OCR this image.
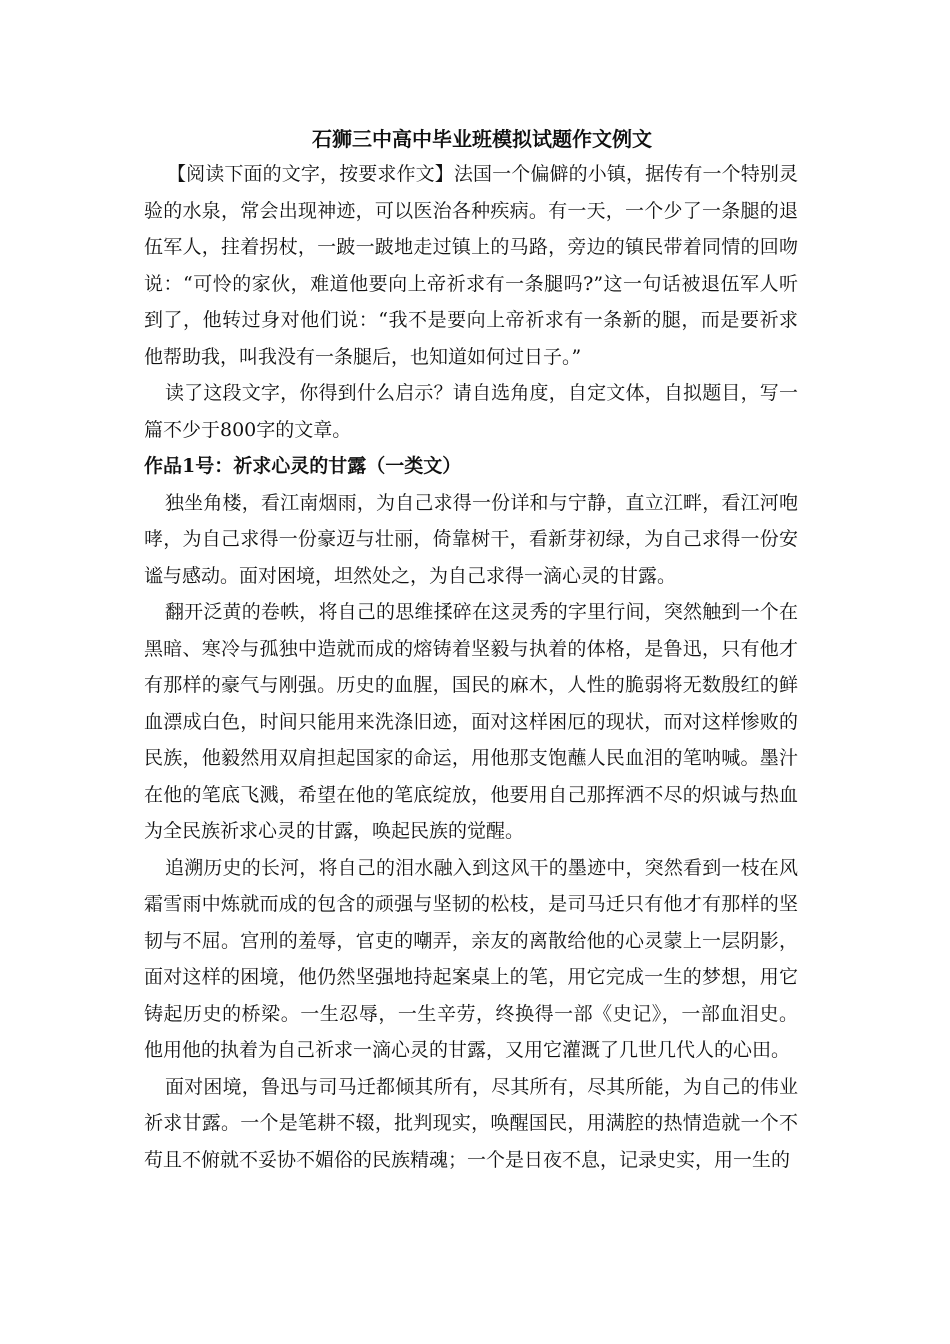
石狮三中高中毕业班模拟试题作文例文

【阅读下面的文字，按要求作文】法国一个偏僻的小镇，据传有一个特别灵验的水泉，常会出现神迹，可以医治各种疾病。有一天，一个少了一条腿的退伍军人，拄着拐杖，一跛一跛地走过镇上的马路，旁边的镇民带着同情的回吻说：“可怜的家伙，难道他要向上帝祈求有一条腿吗?”这一句话被退伍军人听到了，他转过身对他们说：“我不是要向上帝祈求有一条新的腿，而是要祈求他帮助我，叫我没有一条腿后，也知道如何过日子。”

读了这段文字，你得到什么启示？请自选角度，自定文体，自拟题目，写一篇不少于800字的文章。

作品1号：祈求心灵的甘露（一类文）

独坐角楼，看江南烟雨，为自己求得一份详和与宁静，直立江畔，看江河咆哮，为自己求得一份豪迈与壮丽，倚靠树干，看新芽初绿，为自己求得一份安谧与感动。面对困境，坦然处之，为自己求得一滴心灵的甘露。

翻开泛黄的卷帙，将自己的思维揉碎在这灵秀的字里行间，突然触到一个在黑暗、寒冷与孤独中造就而成的熔铸着坚毅与执着的体格，是鲁迅，只有他才有那样的豪气与刚强。历史的血腥，国民的麻木，人性的脆弱将无数殷红的鲜血漂成白色，时间只能用来洗涤旧迹，面对这样困厄的现状，而对这样惨败的民族，他毅然用双肩担起国家的命运，用他那支饱蘸人民血泪的笔呐喊。墨汁在他的笔底飞溅，希望在他的笔底绽放，他要用自己那挥洒不尽的炽诚与热血为全民族祈求心灵的甘露，唤起民族的觉醒。

追溯历史的长河，将自己的泪水融入到这风干的墨迹中，突然看到一枝在风霜雪雨中炼就而成的包含的顽强与坚韧的松枝，是司马迁只有他才有那样的坚韧与不屈。宫刑的羞辱，官吏的嘲弄，亲友的离散给他的心灵蒙上一层阴影，面对这样的困境，他仍然坚强地持起案桌上的笔，用它完成一生的梦想，用它铸起历史的桥梁。一生忍辱，一生辛劳，终换得一部《史记》，一部血泪史。他用他的执着为自己祈求一滴心灵的甘露，又用它灌溉了几世几代人的心田。

面对困境，鲁迅与司马迁都倾其所有，尽其所有，尽其所能，为自己的伟业祈求甘露。一个是笔耕不辍，批判现实，唤醒国民，用满腔的热情造就一个不苟且不俯就不妥协不媚俗的民族精魂；一个是日夜不息，记录史实，用一生的
